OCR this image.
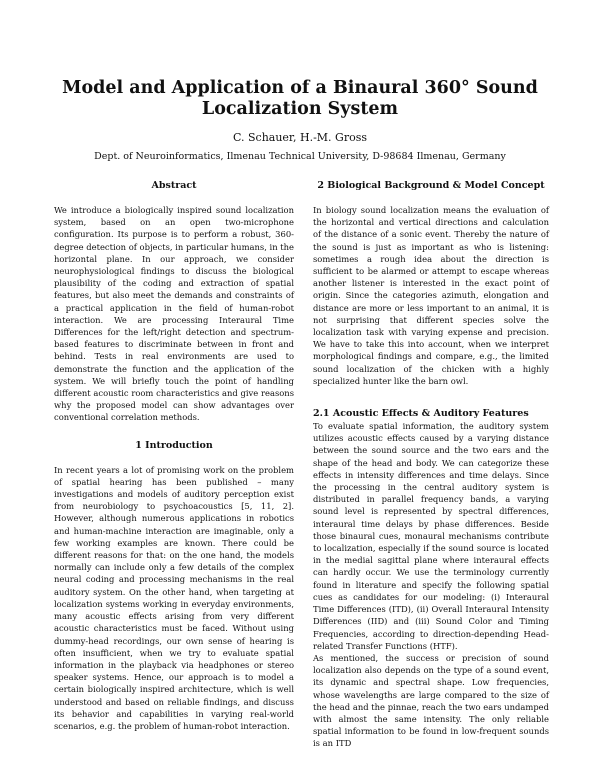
Model and Application of a Binaural 360° Sound
Localization System
C. Schauer, H.-M. Gross
Dept. of Neuroinformatics, Ilmenau Technical University, D-98684 Ilmenau, Germany
Abstract

We introduce a biologically inspired sound localization system, based on an open two-microphone configuration. Its purpose is to perform a robust, 360-degree detection of objects, in particular humans, in the horizontal plane. In our approach, we consider neurophysiological findings to discuss the biological plausibility of the coding and extraction of spatial features, but also meet the demands and constraints of a practical application in the field of human-robot interaction. We are processing Interaural Time Differences for the left/right detection and spectrum-based features to discriminate between in front and behind. Tests in real environments are used to demonstrate the function and the application of the system. We will briefly touch the point of handling different acoustic room characteristics and give reasons why the proposed model can show advantages over conventional correlation methods.

1 Introduction

In recent years a lot of promising work on the problem of spatial hearing has been published – many investigations and models of auditory perception exist from neurobiology to psychoacoustics [5, 11, 2]. However, although numerous applications in robotics and human-machine interaction are imaginable, only a few working examples are known. There could be different reasons for that: on the one hand, the models normally can include only a few details of the complex neural coding and processing mechanisms in the real auditory system. On the other hand, when targeting at localization systems working in everyday environments, many acoustic effects arising from very different acoustic characteristics must be faced. Without using dummy-head recordings, our own sense of hearing is often insufficient, when we try to evaluate spatial information in the playback via headphones or stereo speaker systems. Hence, our approach is to model a certain biologically inspired architecture, which is well understood and based on reliable findings, and discuss its behavior and capabilities in varying real-world scenarios, e.g. the problem of human-robot interaction.

2 Biological Background & Model Concept

In biology sound localization means the evaluation of the horizontal and vertical directions and calculation of the distance of a sonic event. Thereby the nature of the sound is just as important as who is listening: sometimes a rough idea about the direction is sufficient to be alarmed or attempt to escape whereas another listener is interested in the exact point of origin. Since the categories azimuth, elongation and distance are more or less important to an animal, it is not surprising that different species solve the localization task with varying expense and precision. We have to take this into account, when we interpret morphological findings and compare, e.g., the limited sound localization of the chicken with a highly specialized hunter like the barn owl.

2.1 Acoustic Effects & Auditory Features

To evaluate spatial information, the auditory system utilizes acoustic effects caused by a varying distance between the sound source and the two ears and the shape of the head and body. We can categorize these effects in intensity differences and time delays. Since the processing in the central auditory system is distributed in parallel frequency bands, a varying sound level is represented by spectral differences, interaural time delays by phase differences. Beside those binaural cues, monaural mechanisms contribute to localization, especially if the sound source is located in the medial sagittal plane where interaural effects can hardly occur. We use the terminology currently found in literature and specify the following spatial cues as candidates for our modeling: (i) Interaural Time Differences (ITD), (ii) Overall Interaural Intensity Differences (IID) and (iii) Sound Color and Timing Frequencies, according to direction-depending Head-related Transfer Functions (HTF).

As mentioned, the success or precision of sound localization also depends on the type of a sound event, its dynamic and spectral shape. Low frequencies, whose wavelengths are large compared to the size of the head and the pinnae, reach the two ears undamped with almost the same intensity. The only reliable spatial information to be found in low-frequent sounds is an ITD
